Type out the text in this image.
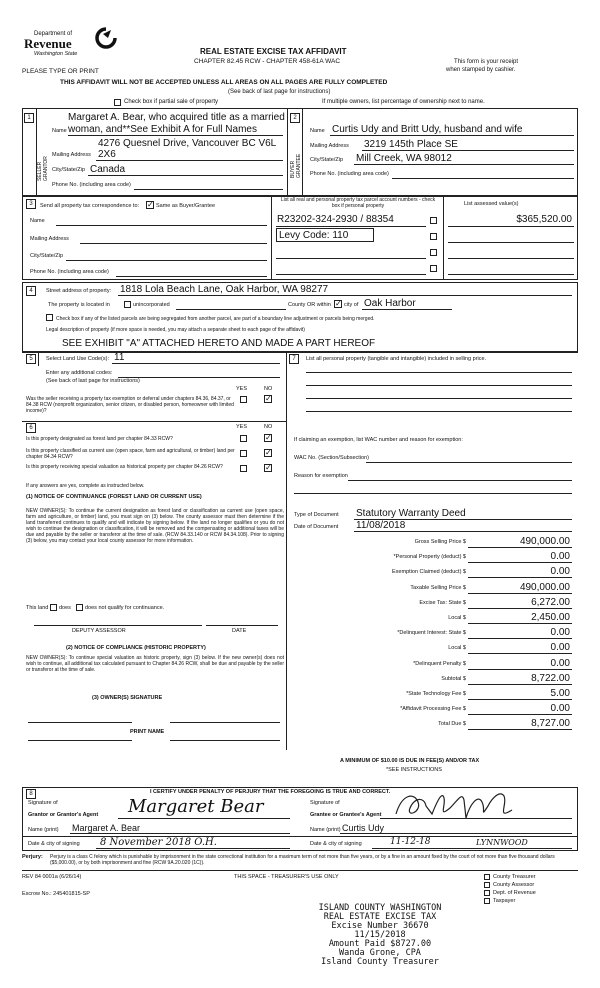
Department of
Revenue
Washington State
PLEASE TYPE OR PRINT
REAL ESTATE EXCISE TAX AFFIDAVIT
CHAPTER 82.45 RCW - CHAPTER 458-61A WAC	This form is your receipt
when stamped by cashier.
THIS AFFIDAVIT WILL NOT BE ACCEPTED UNLESS ALL AREAS ON ALL PAGES ARE FULLY COMPLETED
(See back of last page for instructions)
Check box if partial sale of property	If multiple owners, list percentage of ownership next to name.
1
SELLER GRANTOR
Margaret A. Bear, who acquired title as a married
Name woman, and**See Exhibit A for Full Names
4276 Quesnel Drive, Vancouver BC V6L
Mailing Address 2X6
City/State/Zip Canada
Phone No. (including area code)
2
BUYER GRANTEE
Name Curtis Udy and Britt Udy, husband and wife
Mailing Address 3219 145th Place SE
City/State/Zip Mill Creek, WA 98012
Phone No. (including area code)
3	Send all property tax correspondence to: ✓ Same as Buyer/Grantee
Name
Mailing Address
City/State/Zip
Phone No. (including area code)
List all real and personal property tax parcel account numbers - check box if personal property	List assessed value(s)
R23202-324-2930 / 88354	$365,520.00
Levy Code: 110
4	Street address of property: 1818 Lola Beach Lane, Oak Harbor, WA 98277
The property is located in	unincorporated	County OR within ✓ city of Oak Harbor
Check box if any of the listed parcels are being segregated from another parcel, are part of a boundary line adjustment or parcels being merged.
Legal description of property (if more space is needed, you may attach a separate sheet to each page of the affidavit)
SEE EXHIBIT "A" ATTACHED HERETO AND MADE A PART HEREOF
5	Select Land Use Code(s): 11
Enter any additional codes:
(See back of last page for instructions)
YES	NO
Was the seller receiving a property tax exemption or deferral under chapters 84.36, 84.37, or 84.38 RCW (nonprofit organization, senior citizen, or disabled person, homeowner with limited income)?
✓
6	YES	NO
Is this property designated as forest land per chapter 84.33 RCW?	✓
Is this property classified as current use (open space, farm and agricultural, or timber) land per chapter 84.34 RCW?	✓
Is this property receiving special valuation as historical property per chapter 84.26 RCW?	✓
If any answers are yes, complete as instructed below.
(1) NOTICE OF CONTINUANCE (FOREST LAND OR CURRENT USE)
NEW OWNER(S): To continue the current designation as forest land or classification as current use (open space, farm and agriculture, or timber) land, you must sign on (3) below. The county assessor must then determine if the land transferred continues to qualify and will indicate by signing below. If the land no longer qualifies or you do not wish to continue the designation or classification, it will be removed and the compensating or additional taxes will be due and payable by the seller or transferor at the time of sale. (RCW 84.33.140 or RCW 84.34.108). Prior to signing (3) below, you may contact your local county assessor for more information.
This land does	does not qualify for continuance.
DEPUTY ASSESSOR	DATE
(2) NOTICE OF COMPLIANCE (HISTORIC PROPERTY)
NEW OWNER(S): To continue special valuation as historic property, sign (3) below. If the new owner(s) does not wish to continue, all additional tax calculated pursuant to Chapter 84.26 RCW, shall be due and payable by the seller or transferor at the time of sale.
(3) OWNER(S) SIGNATURE
PRINT NAME
7	List all personal property (tangible and intangible) included in selling price.
If claiming an exemption, list WAC number and reason for exemption:
WAC No. (Section/Subsection)
Reason for exemption
Type of Document Statutory Warranty Deed
Date of Document 11/08/2018
Gross Selling Price $	490,000.00
*Personal Property (deduct) $	0.00
Exemption Claimed (deduct) $	0.00
Taxable Selling Price $	490,000.00
Excise Tax: State $	6,272.00
Local $	2,450.00
*Delinquent Interest: State $	0.00
Local $	0.00
*Delinquent Penalty $	0.00
Subtotal $	8,722.00
*State Technology Fee $	5.00
*Affidavit Processing Fee $	0.00
Total Due $	8,727.00
A MINIMUM OF $10.00 IS DUE IN FEE(S) AND/OR TAX
*SEE INSTRUCTIONS
8	I CERTIFY UNDER PENALTY OF PERJURY THAT THE FOREGOING IS TRUE AND CORRECT.
Signature of
Grantor or Grantor's Agent Margaret Bear
Name (print) Margaret A. Bear
Signature of
Grantee or Grantee's Agent
Name (print) Curtis Udy
Date & city of signing 8 November 2018 O.H.	Date & city of signing	11-12-18	LYNNWOOD
Perjury: Perjury is a class C felony which is punishable by imprisonment in the state correctional institution for a maximum term of not more than five years, or by a fine in an amount fixed by the court of not more than five thousand dollars ($5,000.00), or by both imprisonment and fine (RCW 9A.20.020 (1C)).
REV 84 0001a (6/26/14)	THIS SPACE - TREASURER'S USE ONLY
Escrow No.: 245401815-SP
County Treasurer
County Assessor
Dept. of Revenue
Taxpayer
ISLAND COUNTY WASHINGTON
REAL ESTATE EXCISE TAX
Excise Number 36670
11/15/2018
Amount Paid $8727.00
Wanda Grone, CPA
Island County Treasurer
